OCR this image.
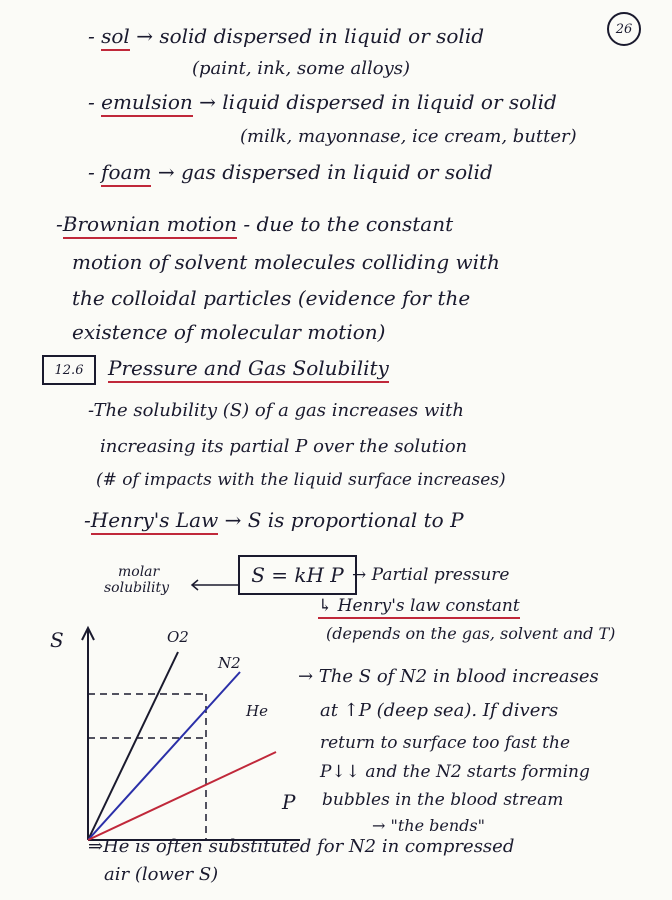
26
- sol → solid dispersed in liquid or solid
(paint, ink, some alloys)
- emulsion → liquid dispersed in liquid or solid
(milk, mayonnase, ice cream, butter)
- foam → gas dispersed in liquid or solid
-Brownian motion - due to the constant
motion of solvent molecules colliding with
the colloidal particles (evidence for the
existence of molecular motion)
12.6	Pressure and Gas Solubility
-The solubility (S) of a gas increases with
increasing its partial P over the solution
(# of impacts with the liquid surface increases)
-Henry's Law → S is proportional to P
molar
solubility
S = kH P → Partial pressure
↳ Henry's law constant
(depends on the gas, solvent and T)
S
P
O2
N2
He
→ The S of N2 in blood increases
at ↑P (deep sea). If divers
return to surface too fast the
P↓↓ and the N2 starts forming
bubbles in the blood stream
→ "the bends"
⇒He is often substituted for N2 in compressed
air (lower S)
